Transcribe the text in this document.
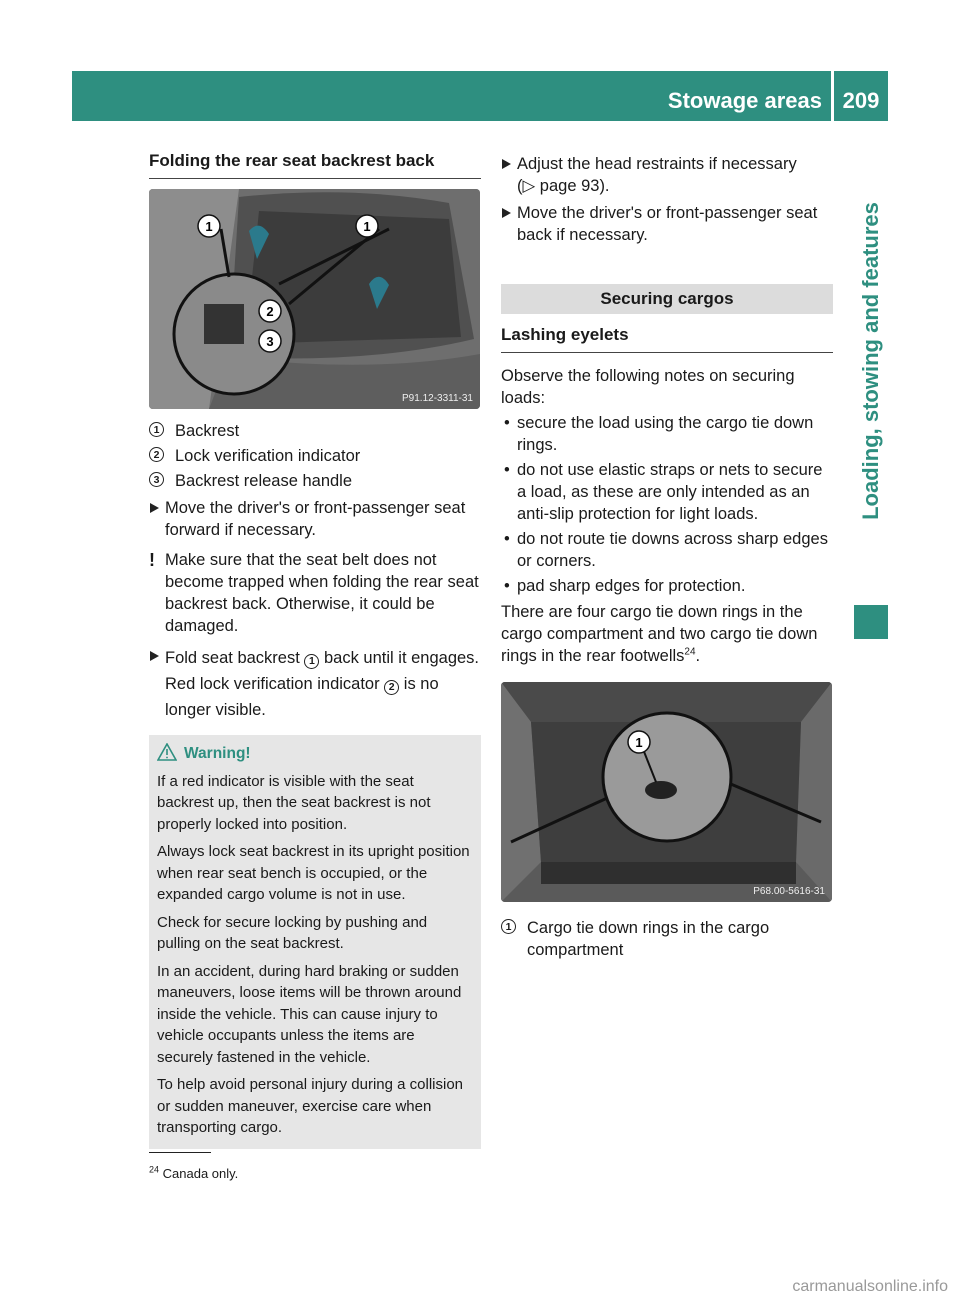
Stowage areas 209
Loading, stowing and features
Folding the rear seat backrest back
1	1
2
3
P91.12-3311-31
1 Backrest
2 Lock verification indicator
3 Backrest release handle
Move the driver's or front-passenger seat forward if necessary.
! Make sure that the seat belt does not become trapped when folding the rear seat backrest back. Otherwise, it could be damaged.
Fold seat backrest 1 back until it engages. Red lock verification indicator 2 is no longer visible.
Warning!

If a red indicator is visible with the seat backrest up, then the seat backrest is not properly locked into position.

Always lock seat backrest in its upright position when rear seat bench is occupied, or the expanded cargo volume is not in use.

Check for secure locking by pushing and pulling on the seat backrest.

In an accident, during hard braking or sudden maneuvers, loose items will be thrown around inside the vehicle. This can cause injury to vehicle occupants unless the items are securely fastened in the vehicle.

To help avoid personal injury during a collision or sudden maneuver, exercise care when transporting cargo.

Adjust the head restraints if necessary
(▷ page 93).
Move the driver's or front-passenger seat back if necessary.
Securing cargos
Lashing eyelets
Observe the following notes on securing loads:
• secure the load using the cargo tie down rings.
• do not use elastic straps or nets to secure a load, as these are only intended as an anti-slip protection for light loads.
• do not route tie downs across sharp edges or corners.
• pad sharp edges for protection.
There are four cargo tie down rings in the cargo compartment and two cargo tie down rings in the rear footwells$^{24}$.
1
P68.00-5616-31
1 Cargo tie down rings in the cargo compartment
$^{24}$ Canada only.
carmanualsonline.info
